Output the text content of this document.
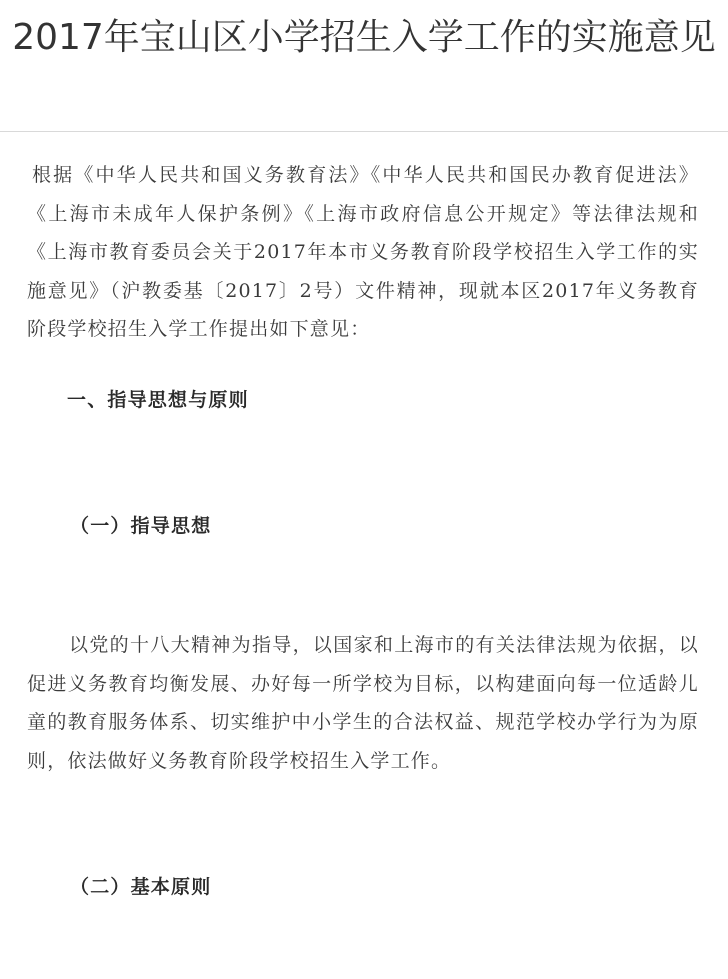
2017年宝山区小学招生入学工作的实施意见

根据《中华人民共和国义务教育法》《中华人民共和国民办教育促进法》《上海市未成年人保护条例》《上海市政府信息公开规定》等法律法规和《上海市教育委员会关于2017年本市义务教育阶段学校招生入学工作的实施意见》（沪教委基〔2017〕2号）文件精神，现就本区2017年义务教育阶段学校招生入学工作提出如下意见：

一、指导思想与原则
（一）指导思想

以党的十八大精神为指导，以国家和上海市的有关法律法规为依据，以促进义务教育均衡发展、办好每一所学校为目标，以构建面向每一位适龄儿童的教育服务体系、切实维护中小学生的合法权益、规范学校办学行为为原则，依法做好义务教育阶段学校招生入学工作。

（二）基本原则
